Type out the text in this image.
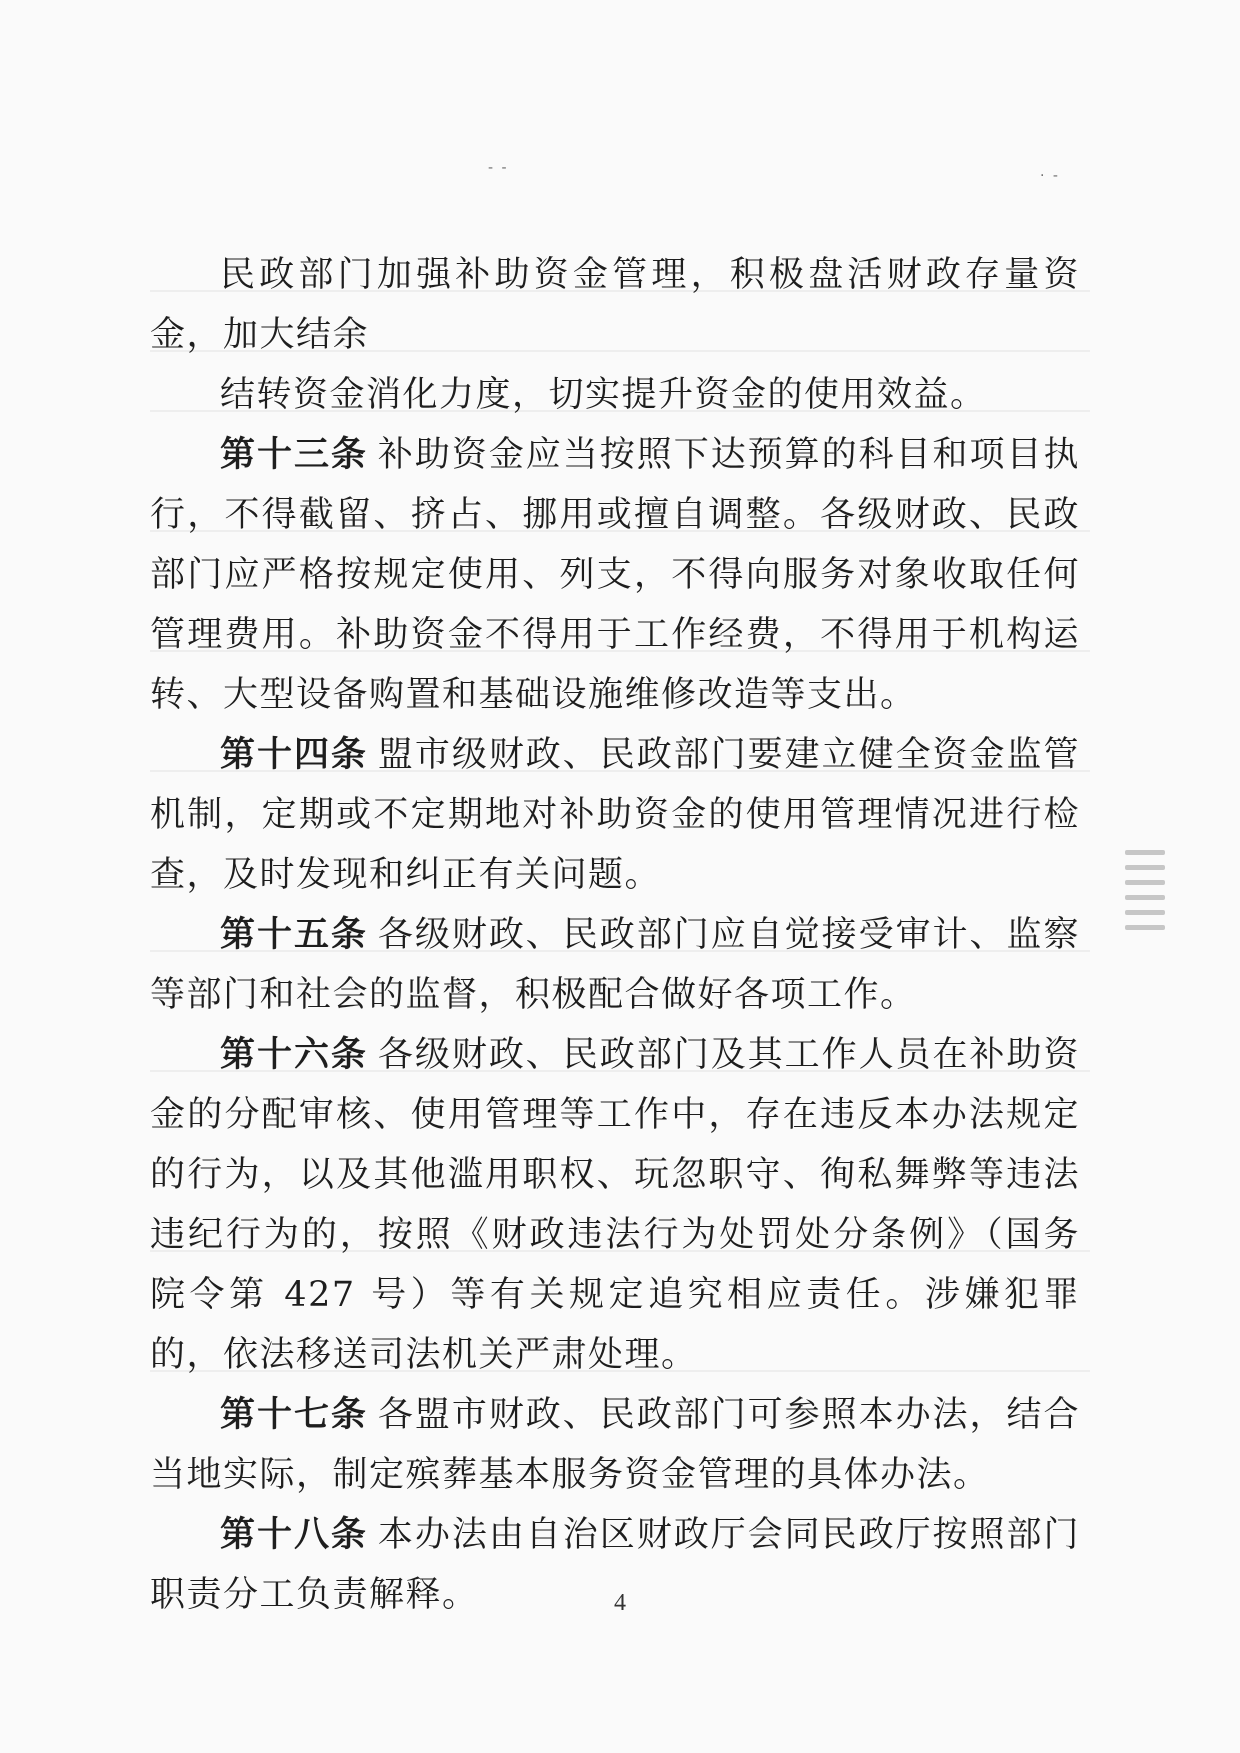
- -	· -

民政部门加强补助资金管理，积极盘活财政存量资金，加大结余

结转资金消化力度，切实提升资金的使用效益。

第十三条 补助资金应当按照下达预算的科目和项目执行，不得截留、挤占、挪用或擅自调整。各级财政、民政部门应严格按规定使用、列支，不得向服务对象收取任何管理费用。补助资金不得用于工作经费，不得用于机构运转、大型设备购置和基础设施维修改造等支出。

第十四条 盟市级财政、民政部门要建立健全资金监管机制，定期或不定期地对补助资金的使用管理情况进行检查，及时发现和纠正有关问题。

第十五条 各级财政、民政部门应自觉接受审计、监察等部门和社会的监督，积极配合做好各项工作。

第十六条 各级财政、民政部门及其工作人员在补助资金的分配审核、使用管理等工作中，存在违反本办法规定的行为，以及其他滥用职权、玩忽职守、徇私舞弊等违法违纪行为的，按照《财政违法行为处罚处分条例》（国务院令第 427 号）等有关规定追究相应责任。涉嫌犯罪的，依法移送司法机关严肃处理。

第十七条 各盟市财政、民政部门可参照本办法，结合当地实际，制定殡葬基本服务资金管理的具体办法。

第十八条 本办法由自治区财政厅会同民政厅按照部门职责分工负责解释。	4
